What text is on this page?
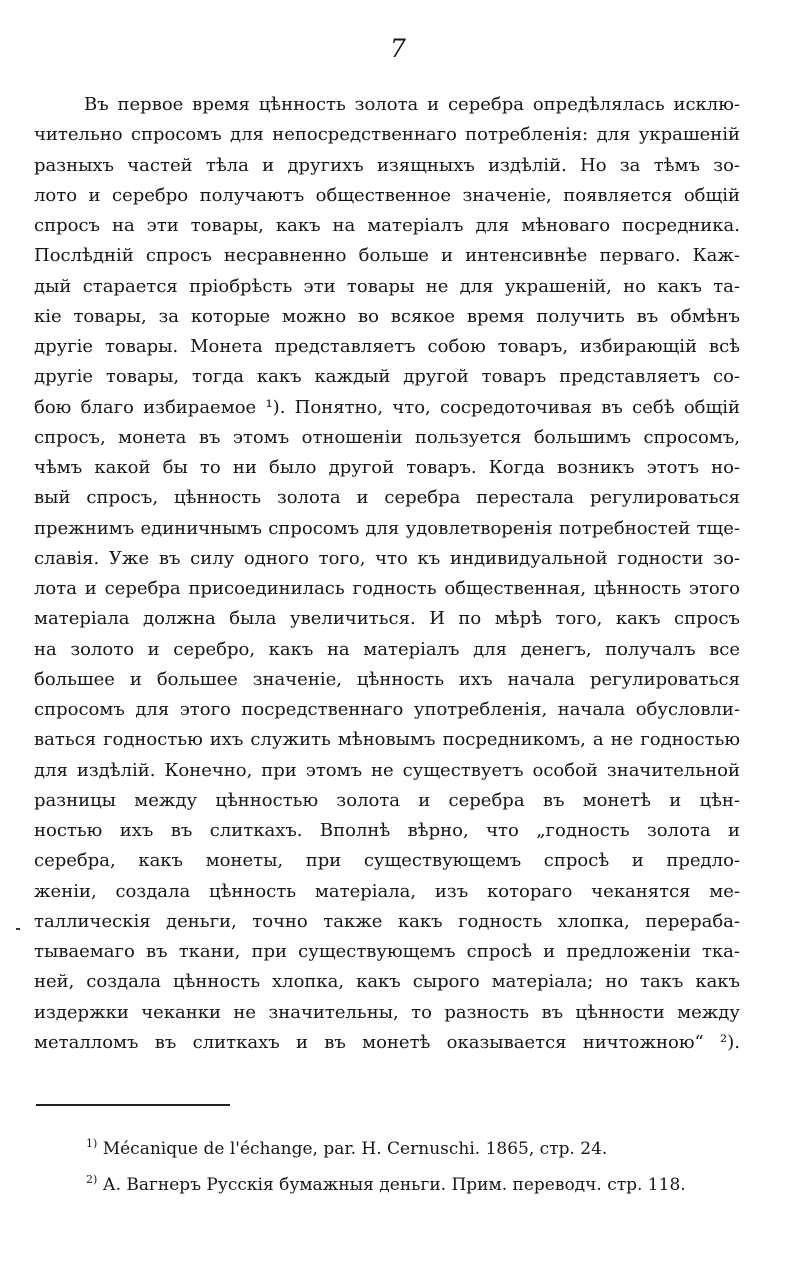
7
Въ первое время цѣнность золота и серебра опредѣлялась исклю-
чительно спросомъ для непосредственнаго потребленія: для украшеній
разныхъ частей тѣла и другихъ изящныхъ издѣлій. Но за тѣмъ зо-
лото и серебро получаютъ общественное значеніе, появляется общій
спросъ на эти товары, какъ на матеріалъ для мѣноваго посредника.
Послѣдній спросъ несравненно больше и интенсивнѣе перваго. Каж-
дый старается пріобрѣсть эти товары не для украшеній, но какъ та-
кіе товары, за которые можно во всякое время получить въ обмѣнъ
другіе товары. Монета представляетъ собою товаръ, избирающій всѣ
другіе товары, тогда какъ каждый другой товаръ представляетъ со-
бою благо избираемое ¹). Понятно, что, сосредоточивая въ себѣ общій
спросъ, монета въ этомъ отношеніи пользуется большимъ спросомъ,
чѣмъ какой бы то ни было другой товаръ. Когда возникъ этотъ но-
вый спросъ, цѣнность золота и серебра перестала регулироваться
прежнимъ единичнымъ спросомъ для удовлетворенія потребностей тще-
славія. Уже въ силу одного того, что къ индивидуальной годности зо-
лота и серебра присоединилась годность общественная, цѣнность этого
матеріала должна была увеличиться. И по мѣрѣ того, какъ спросъ
на золото и серебро, какъ на матеріалъ для денегъ, получалъ все
большее и большее значеніе, цѣнность ихъ начала регулироваться
спросомъ для этого посредственнаго употребленія, начала обусловли-
ваться годностью ихъ служить мѣновымъ посредникомъ, а не годностью
для издѣлій. Конечно, при этомъ не существуетъ особой значительной
разницы между цѣнностью золота и серебра въ монетѣ и цѣн-
ностью ихъ въ слиткахъ. Вполнѣ вѣрно, что „годность золота и
серебра, какъ монеты, при существующемъ спросѣ и предло-
женіи, создала цѣнность матеріала, изъ котораго чеканятся ме-
таллическія деньги, точно также какъ годность хлопка, перераба-
тываемаго въ ткани, при существующемъ спросѣ и предложеніи тка-
ней, создала цѣнность хлопка, какъ сырого матеріала; но такъ какъ
издержки чеканки не значительны, то разность въ цѣнности между
металломъ въ слиткахъ и въ монетѣ оказывается ничтожною“ ²).
$^{1)}$ Mécanique de l'échange, par. H. Cernuschi. 1865, стр. 24.
$^{2)}$ А. Вагнеръ Русскія бумажныя деньги. Прим. переводч. стр. 118.
